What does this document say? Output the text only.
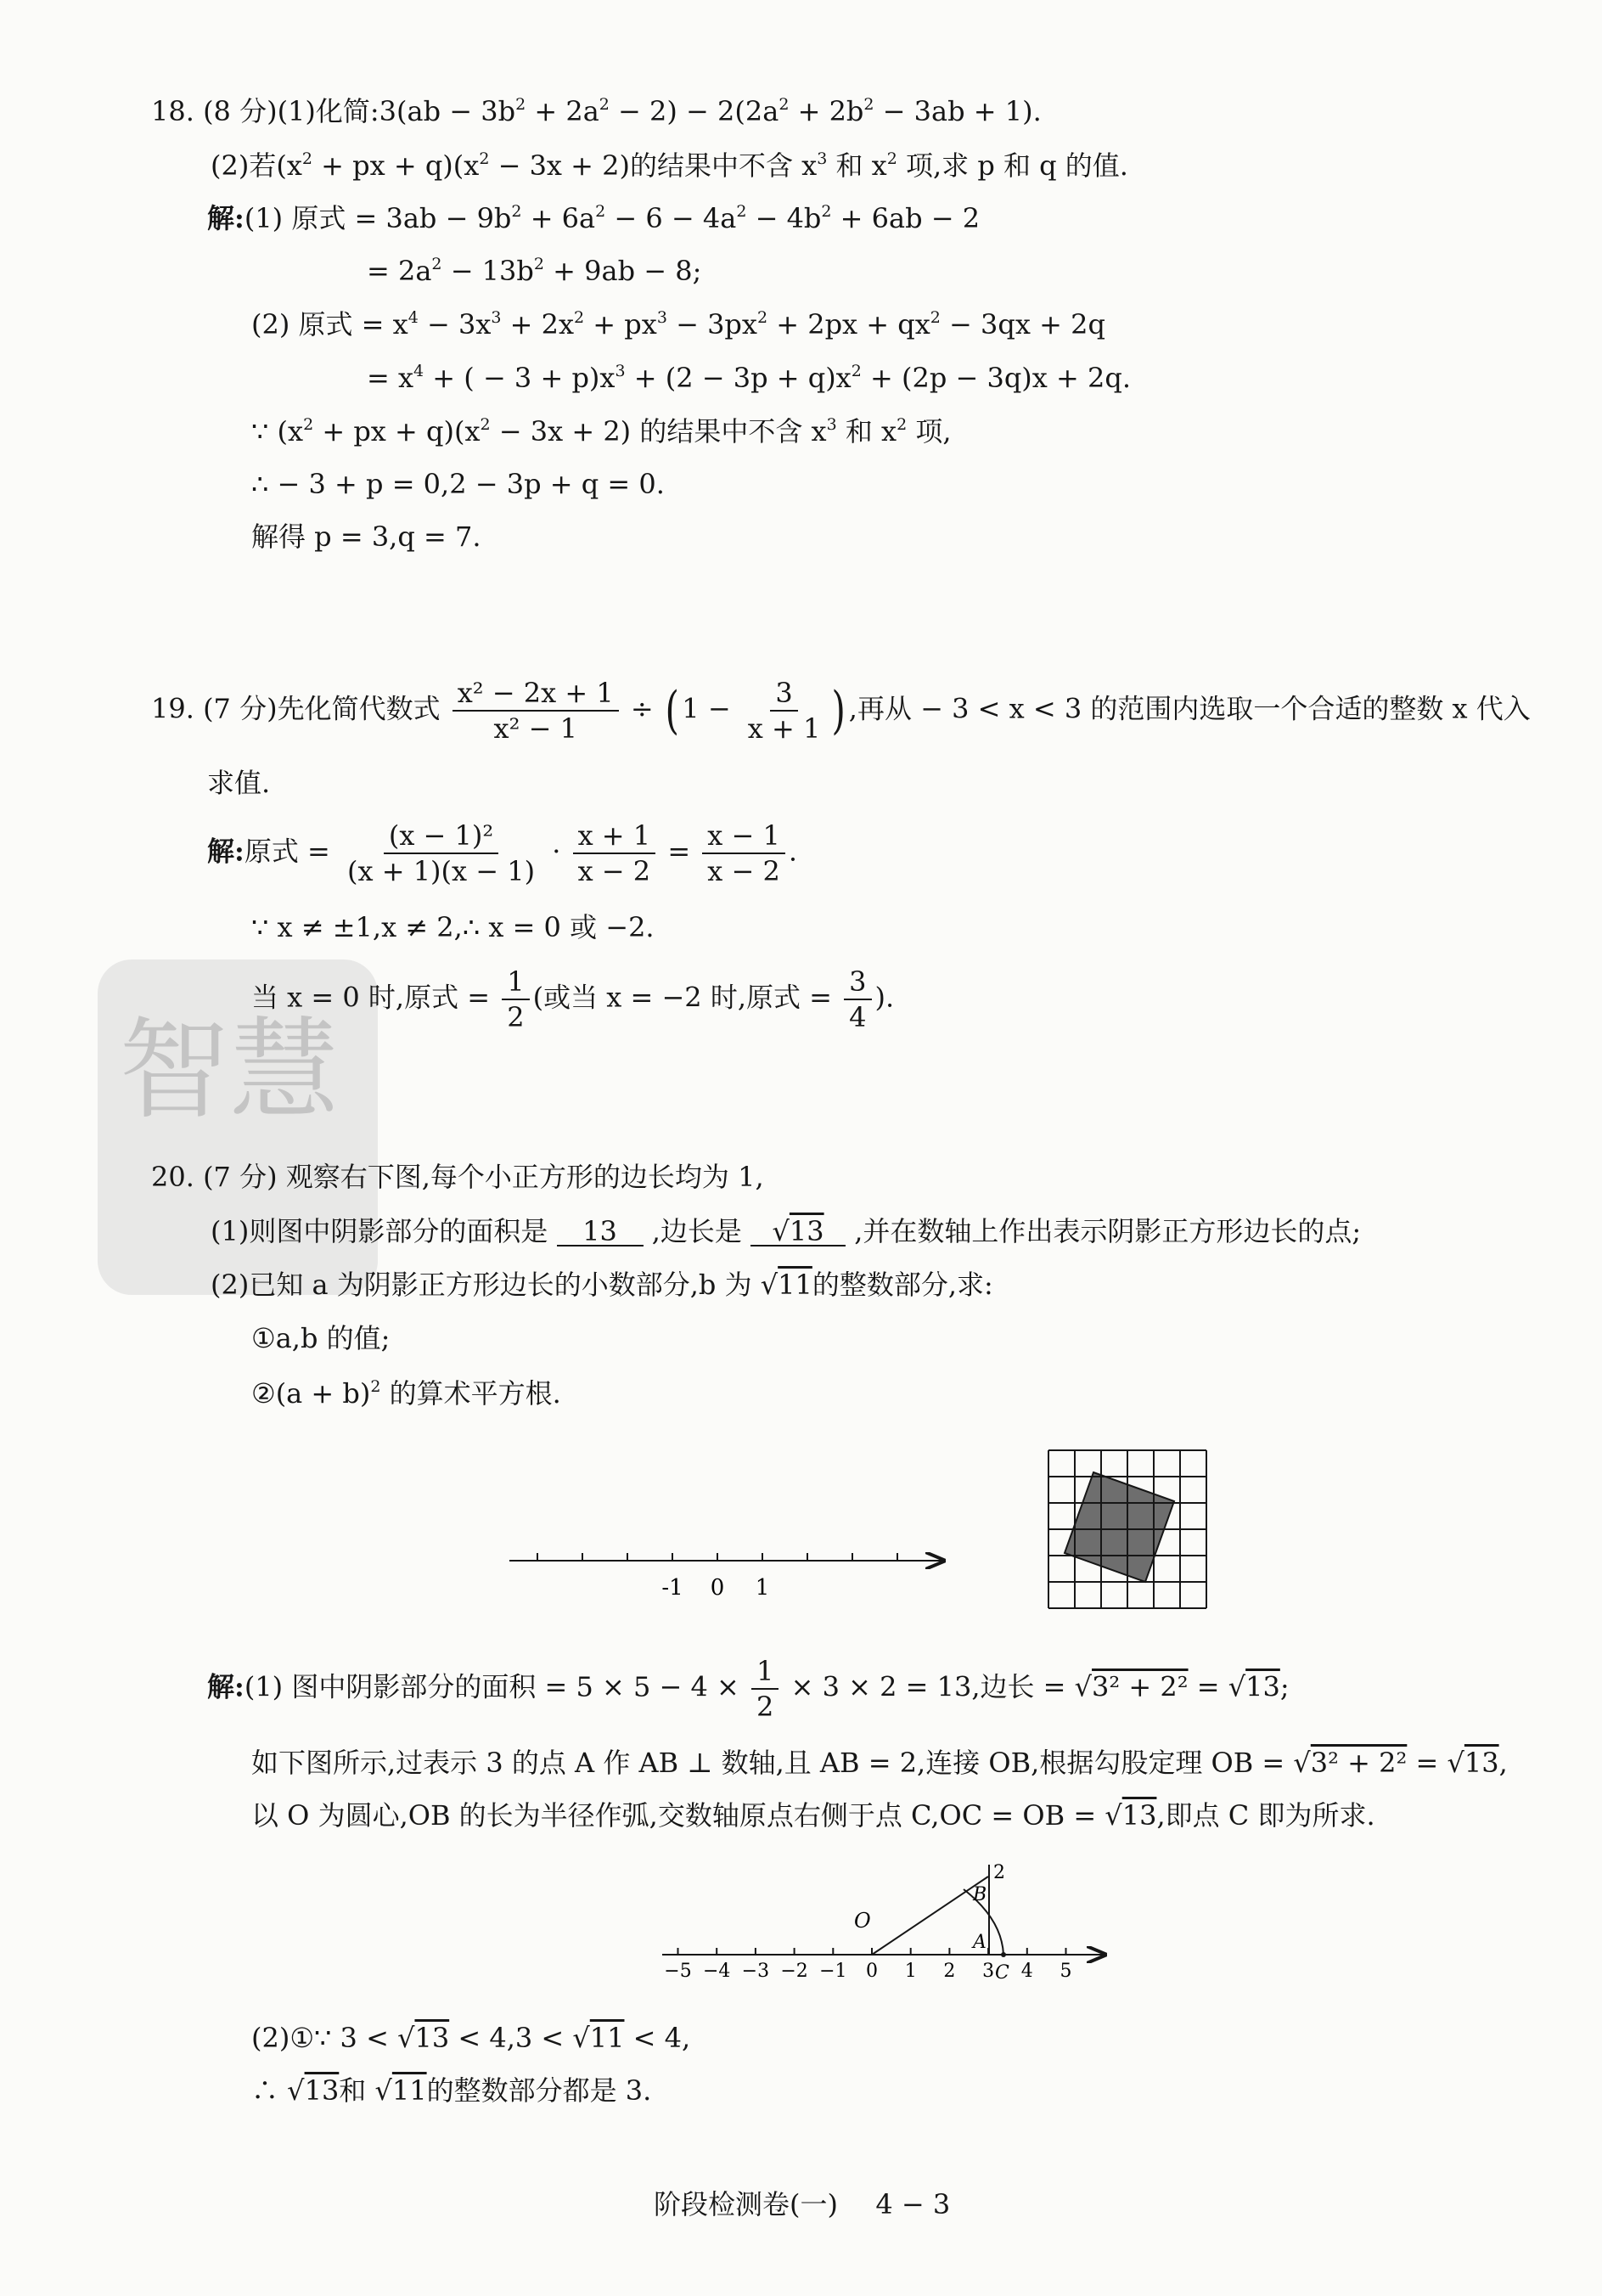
智慧
18. (8 分)(1)化简:3(ab − $3b^2 + 2a^2 - 2) - 2(2a^2 + 2b^2 - 3ab + 1)$.
(2)若($x^2$ + px + $q)(x^2 - 3x + 2)$的结果中不含 $x^3$ 和 $x^2$ 项,求 p 和 q 的值.
解:(1) 原式 = $3ab - 9b^2 + 6a^2 - 6 - 4a^2 - 4b^2 + 6ab - 2$
= $2a^2 - 13b^2 + 9ab - 8$;
(2) 原式 = $x^4 - 3x^3 + 2x^2 + px^3 - 3px^2 + 2px + qx^2 - 3qx + 2q$
= $x^4$ + ( − $3 + p)x^3 + (2 - 3p + q)x^2 + (2p - 3q)x + 2q$.
∵ ($x^2$ + px + $q)(x^2 - 3x + 2)$ 的结果中不含 $x^3$ 和 $x^2$ 项,
∴ − 3 + p = 0,2 − 3p + q = 0.
解得 p = 3,q = 7.
19. (7 分)先化简代数式 $\frac{\text{x² − 2x + 1}}{\text{x² − 1}}$ ÷ ( $1 - \frac{3}{x + 1}$ ) ,再从 − 3 < x < 3 的范围内选取一个合适的整数 x 代入
求值.
解:原式 = $\frac{\text{(x − 1)²}}{(x + 1)(x - 1)} \cdot \frac{x + 1}{x - 2} = \frac{x - 1}{x - 2}$ .
∵ x ≠ ±1,x ≠ 2,∴ x = 0 或 −2.
当 x = 0 时,原式 = $\frac{1}{2}$ (或当 x = −2 时,原式 = $\frac{3}{4}$ ).
20. (7 分) 观察右下图,每个小正方形的边长均为 1,
(1)则图中阴影部分的面积是 13 ,边长是 √13 ,并在数轴上作出表示阴影正方形边长的点;
(2)已知 a 为阴影正方形边长的小数部分,b 为 √11的整数部分,求:
①a,b 的值;
②(a + b)$^2$ 的算术平方根.
-1 0 1
解:(1) 图中阴影部分的面积 = $5 \times 5 - 4 \times \frac{1}{2} \times 3 \times 2 = 13$,边长 = √3² + 2² = √13;
如下图所示,过表示 3 的点 A 作 AB ⊥ 数轴,且 AB = 2,连接 OB,根据勾股定理 OB = √3² + 2² = √13,
以 O 为圆心,OB 的长为半径作弧,交数轴原点右侧于点 C,OC = OB = √13,即点 C 即为所求.
−5 −4 −3 −2 −1 0 1 2 3 4 5
O
A
B
C
2
(2)①∵ 3 < √13 < 4,3 < √11 < 4,
∴ √13和 √11的整数部分都是 3.
阶段检测卷(一) 4 − 3
